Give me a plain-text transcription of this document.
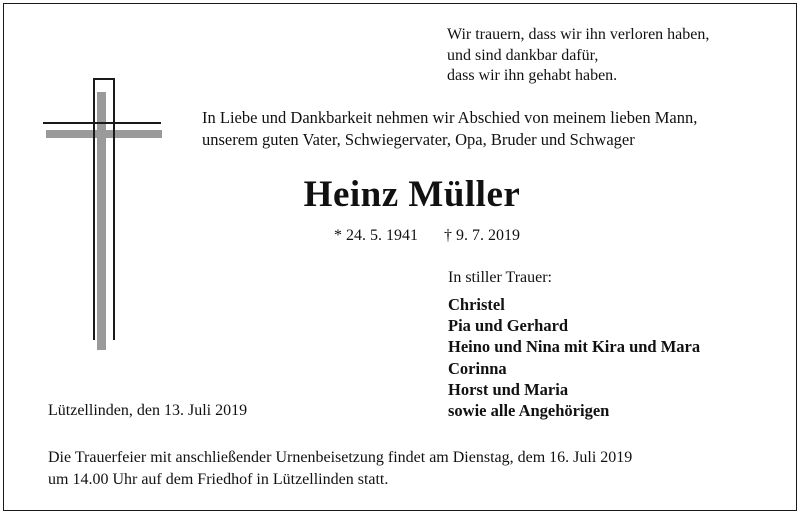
Wir trauern, dass wir ihn verloren haben,
und sind dankbar dafür,
dass wir ihn gehabt haben.
In Liebe und Dankbarkeit nehmen wir Abschied von meinem lieben Mann,
unserem guten Vater, Schwiegervater, Opa, Bruder und Schwager
Heinz Müller
* 24. 5. 1941 † 9. 7. 2019
In stiller Trauer:
Christel
Pia und Gerhard
Heino und Nina mit Kira und Mara
Corinna
Horst und Maria
sowie alle Angehörigen
Lützellinden, den 13. Juli 2019
Die Trauerfeier mit anschließender Urnenbeisetzung findet am Dienstag, dem 16. Juli 2019
um 14.00 Uhr auf dem Friedhof in Lützellinden statt.
